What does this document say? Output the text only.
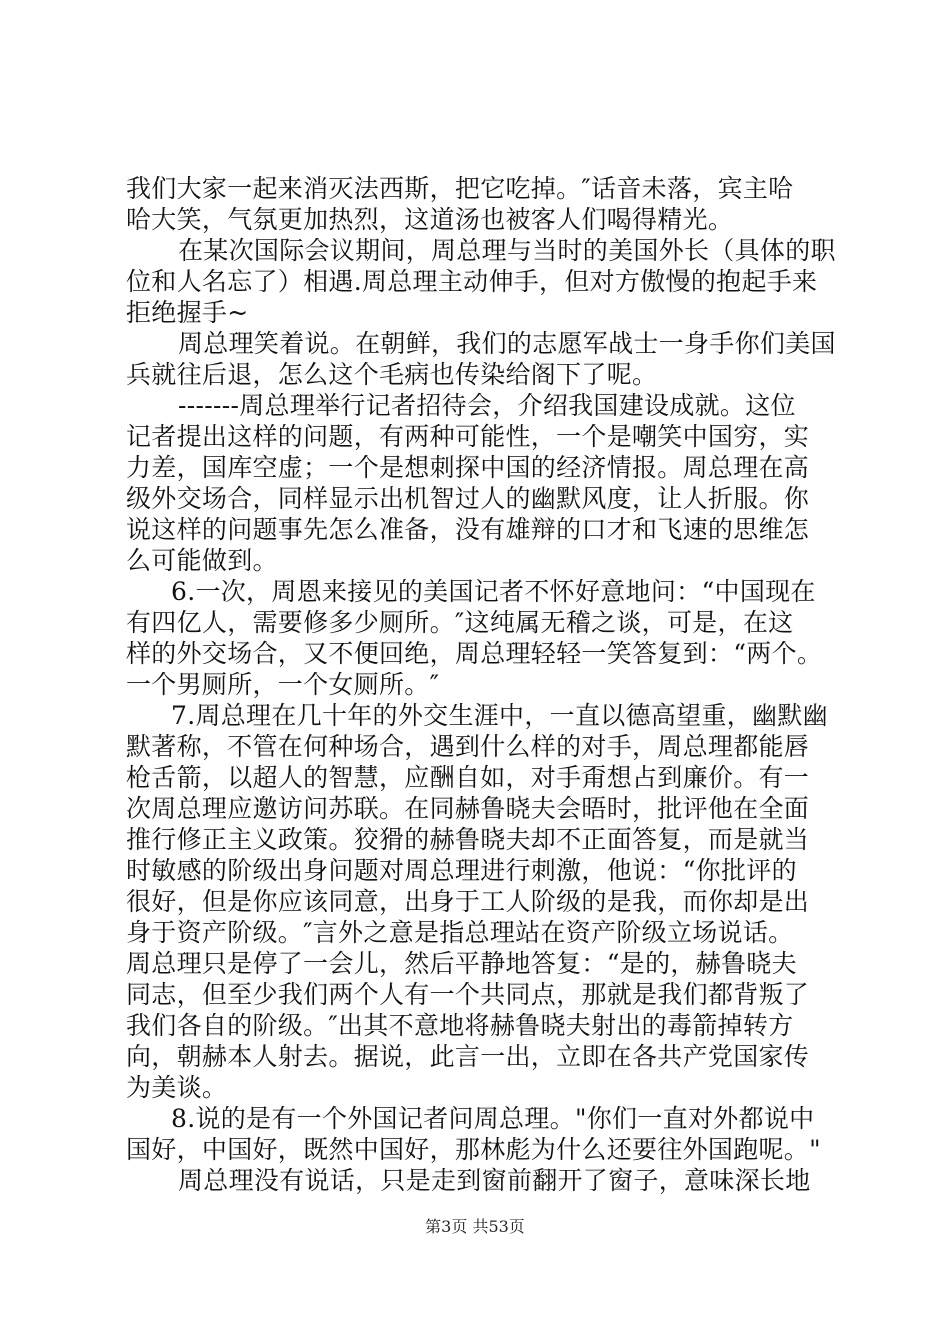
我们大家一起来消灭法西斯，把它吃掉。″话音未落，宾主哈
哈大笑，气氛更加热烈，这道汤也被客人们喝得精光。
在某次国际会议期间，周总理与当时的美国外长（具体的职
位和人名忘了）相遇.周总理主动伸手，但对方傲慢的抱起手来
拒绝握手~
周总理笑着说。在朝鲜，我们的志愿军战士一身手你们美国
兵就往后退，怎么这个毛病也传染给阁下了呢。
-------周总理举行记者招待会，介绍我国建设成就。这位
记者提出这样的问题，有两种可能性，一个是嘲笑中国穷，实
力差，国库空虚；一个是想刺探中国的经济情报。周总理在高
级外交场合，同样显示出机智过人的幽默风度，让人折服。你
说这样的问题事先怎么准备，没有雄辩的口才和飞速的思维怎
么可能做到。
6.一次，周恩来接见的美国记者不怀好意地问：“中国现在
有四亿人，需要修多少厕所。″这纯属无稽之谈，可是，在这
样的外交场合，又不便回绝，周总理轻轻一笑答复到：“两个。
一个男厕所，一个女厕所。″
7.周总理在几十年的外交生涯中，一直以德高望重，幽默幽
默著称，不管在何种场合，遇到什么样的对手，周总理都能唇
枪舌箭，以超人的智慧，应酬自如，对手甭想占到廉价。有一
次周总理应邀访问苏联。在同赫鲁晓夫会晤时，批评他在全面
推行修正主义政策。狡猾的赫鲁晓夫却不正面答复，而是就当
时敏感的阶级出身问题对周总理进行刺激，他说：“你批评的
很好，但是你应该同意，出身于工人阶级的是我，而你却是出
身于资产阶级。″言外之意是指总理站在资产阶级立场说话。
周总理只是停了一会儿，然后平静地答复：“是的，赫鲁晓夫
同志，但至少我们两个人有一个共同点，那就是我们都背叛了
我们各自的阶级。″出其不意地将赫鲁晓夫射出的毒箭掉转方
向，朝赫本人射去。据说，此言一出，立即在各共产党国家传
为美谈。
8.说的是有一个外国记者问周总理。"你们一直对外都说中
国好，中国好，既然中国好，那林彪为什么还要往外国跑呢。"
周总理没有说话，只是走到窗前翻开了窗子，意味深长地
第3页 共53页
